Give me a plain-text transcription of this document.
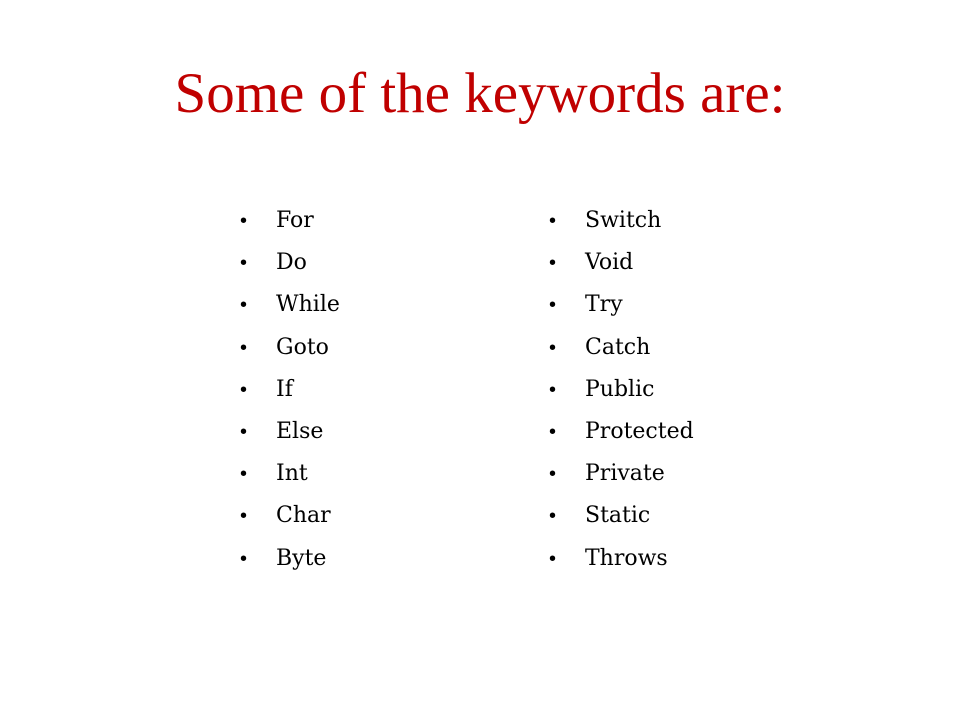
Some of the keywords are:
• For
• Do
• While
• Goto
• If
• Else
• Int
• Char
• Byte
• Switch
• Void
• Try
• Catch
• Public
• Protected
• Private
• Static
• Throws
